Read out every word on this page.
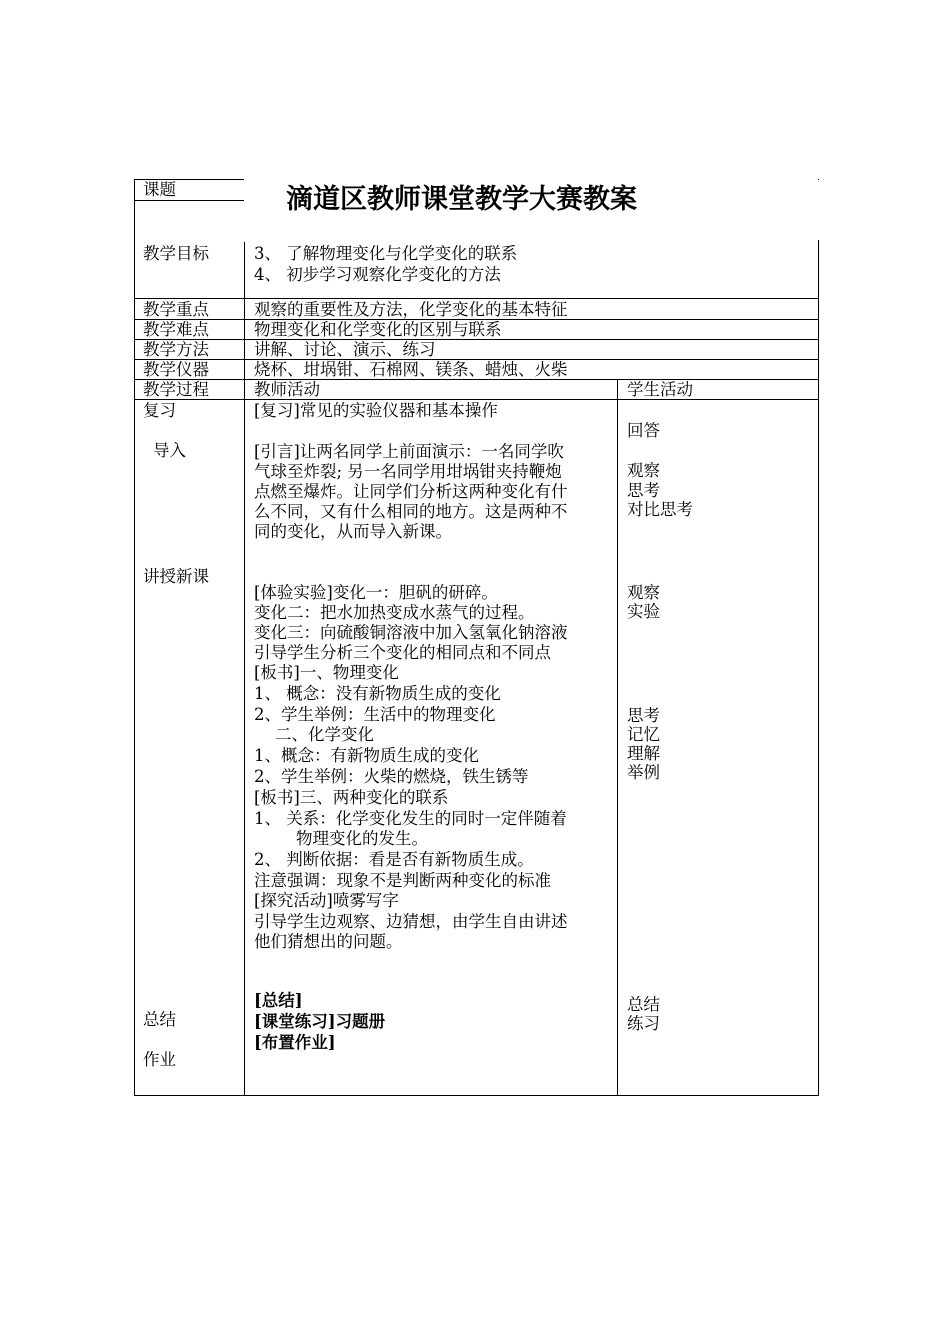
课题
教学目标
教学重点
教学难点
教学方法
教学仪器
教学过程
复习
导入
讲授新课
总结
作业
3、 了解物理变化与化学变化的联系
4、 初步学习观察化学变化的方法
滴道区教师课堂教学大赛教案
观察的重要性及方法，化学变化的基本特征
物理变化和化学变化的区别与联系
讲解、讨论、演示、练习
烧杯、坩埚钳、石棉网、镁条、蜡烛、火柴
教师活动	学生活动
[复习]常见的实验仪器和基本操作
[引言]让两名同学上前面演示：一名同学吹
气球至炸裂; 另一名同学用坩埚钳夹持鞭炮
点燃至爆炸。让同学们分析这两种变化有什
么不同，又有什么相同的地方。这是两种不
同的变化，从而导入新课。
[体验实验]变化一：胆矾的研碎。
变化二：把水加热变成水蒸气的过程。
变化三：向硫酸铜溶液中加入氢氧化钠溶液
引导学生分析三个变化的相同点和不同点
[板书]一、物理变化
1、 概念：没有新物质生成的变化
2、学生举例：生活中的物理变化
二、化学变化
1、概念：有新物质生成的变化
2、学生举例：火柴的燃烧，铁生锈等
[板书]三、两种变化的联系
1、 关系：化学变化发生的同时一定伴随着
物理变化的发生。
2、 判断依据：看是否有新物质生成。
注意强调：现象不是判断两种变化的标准
[探究活动]喷雾写字
引导学生边观察、边猜想，由学生自由讲述
他们猜想出的问题。
[总结]
[课堂练习]习题册
[布置作业]
回答
观察
思考
对比思考
观察
实验
思考
记忆
理解
举例
总结
练习
